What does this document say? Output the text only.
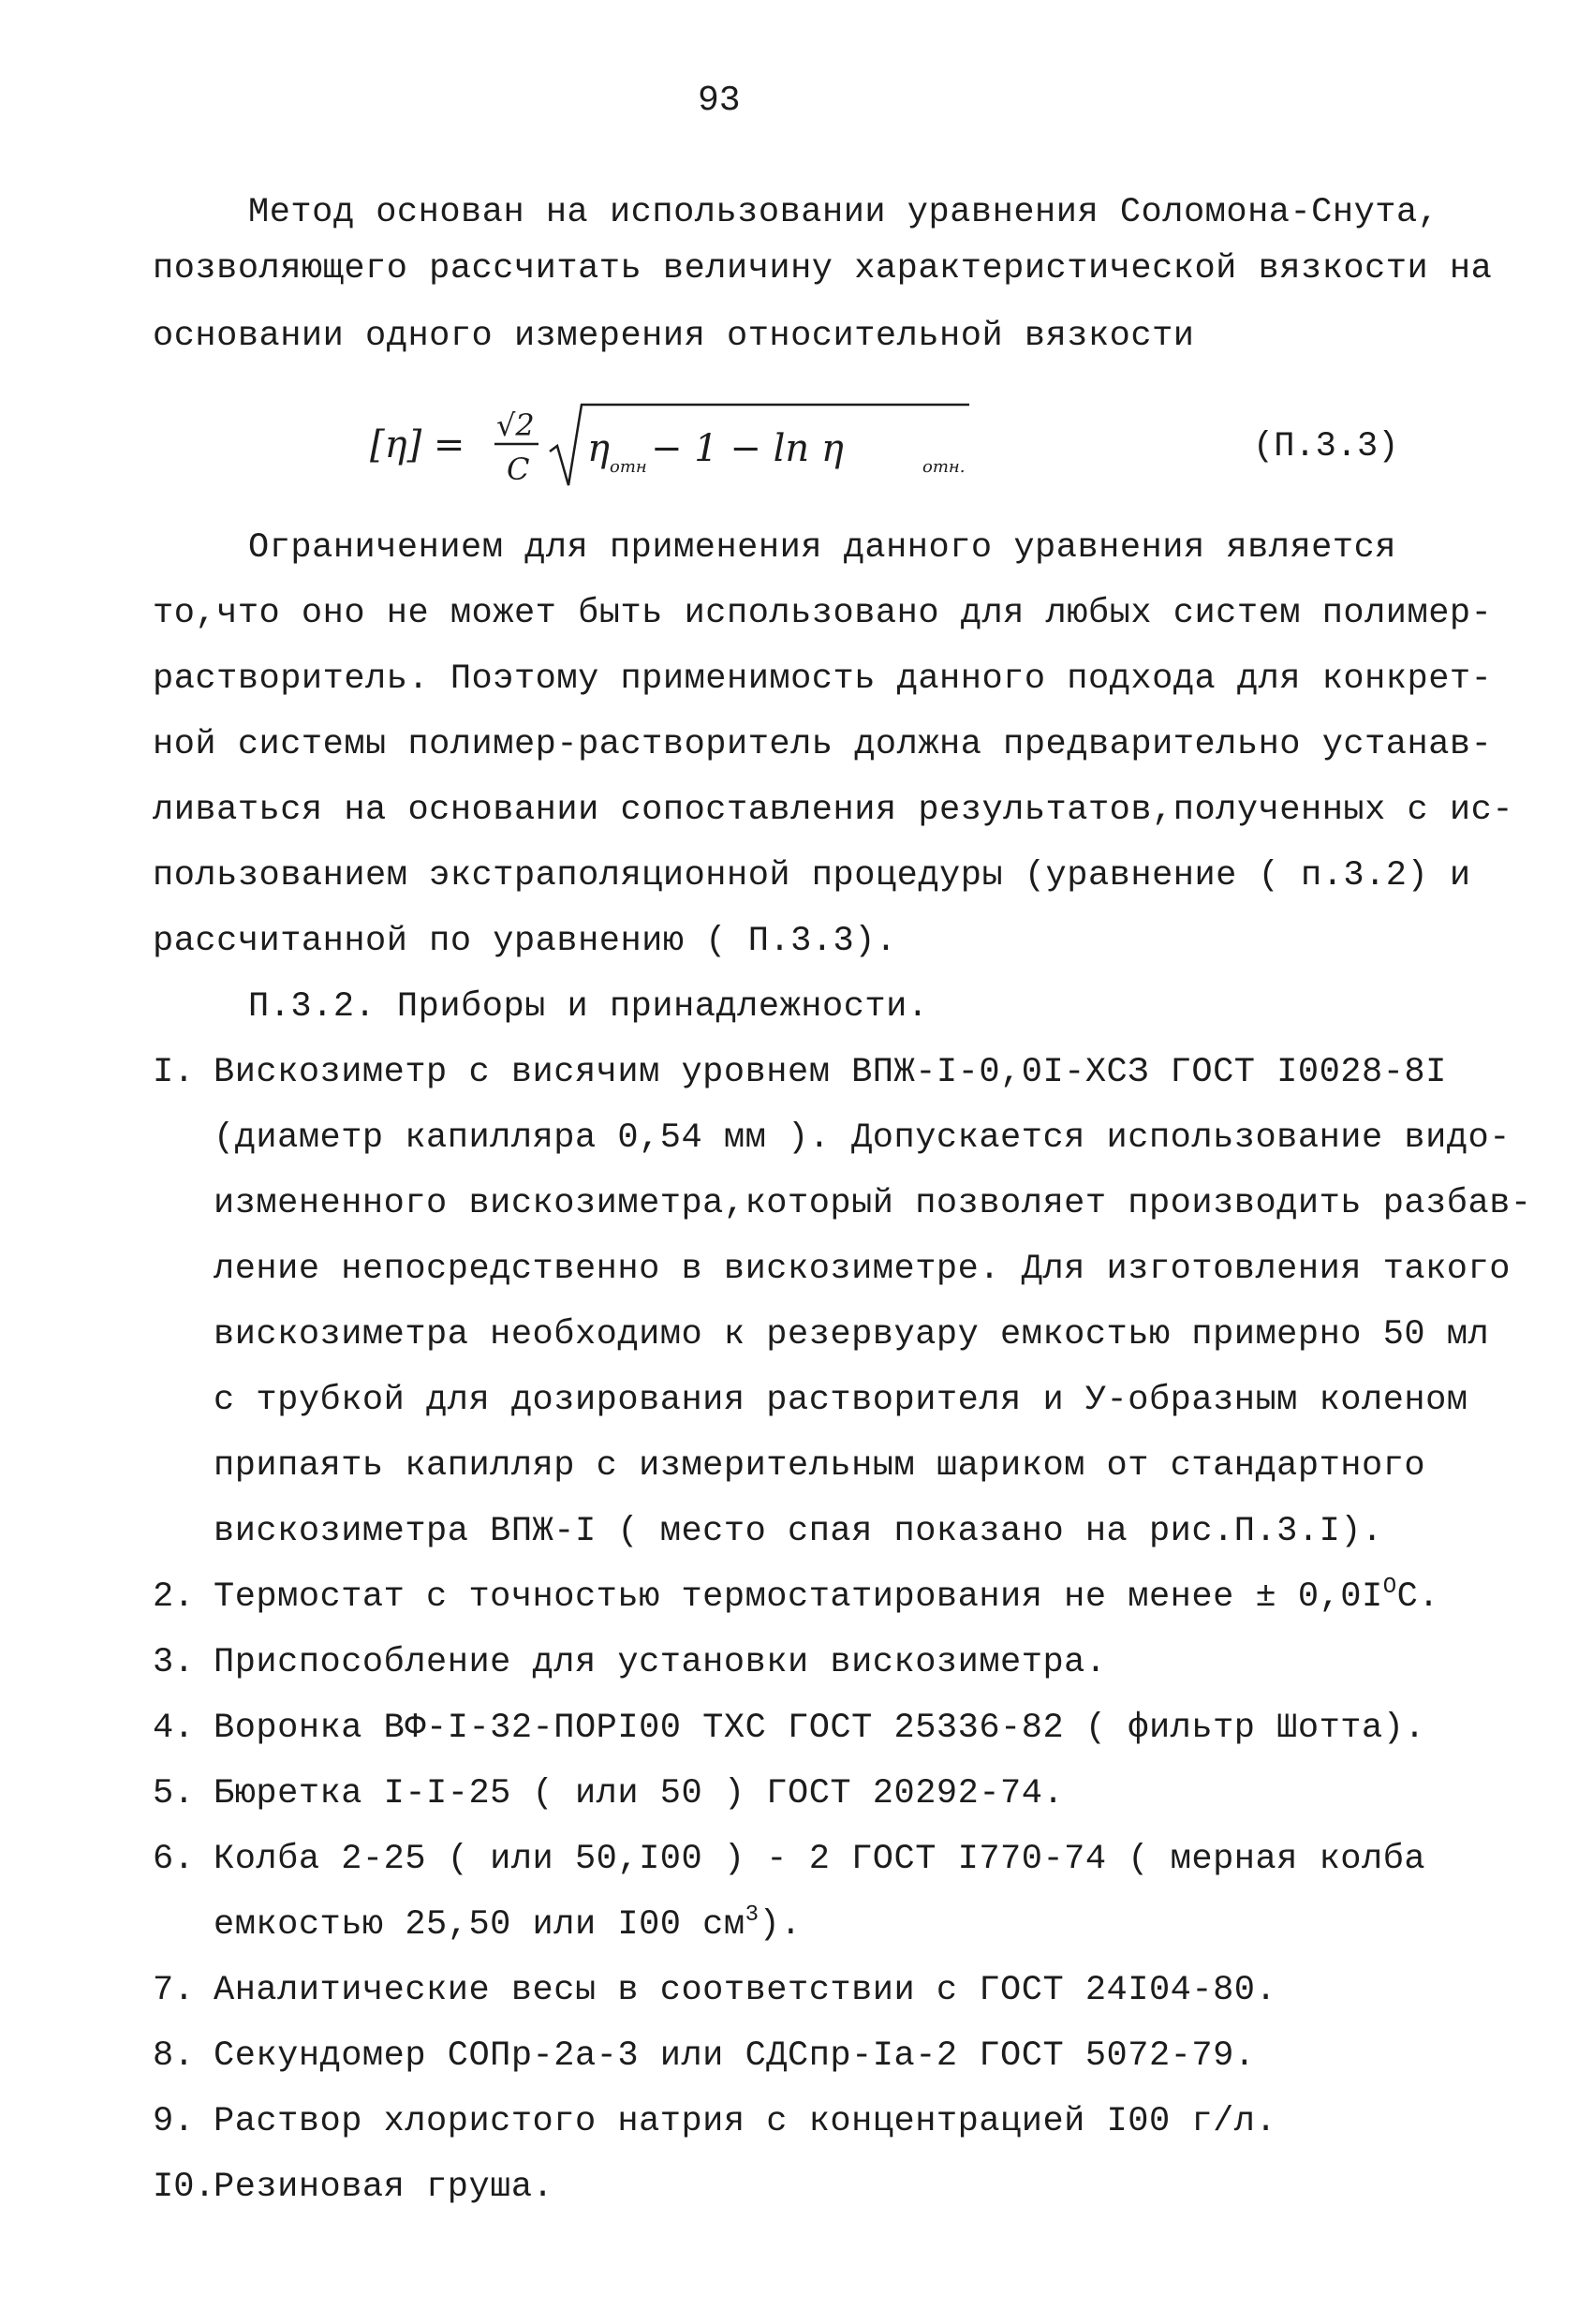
93
Метод основан на использовании уравнения Соломона-Снута,
позволяющего рассчитать величину характеристической вязкости на
основании одного измерения относительной вязкости
[η] = √2
C η отн − 1 − ln η	отн.
(П.3.3)
Ограничением для применения данного уравнения является
то,что оно не может быть использовано для любых систем полимер-
растворитель. Поэтому применимость данного подхода для конкрет-
ной системы полимер-растворитель должна предварительно устанав-
ливаться на основании сопоставления результатов,полученных с ис-
пользованием экстраполяционной процедуры (уравнение ( п.3.2) и
рассчитанной по уравнению ( П.3.3).
П.3.2. Приборы и принадлежности.
I. Вискозиметр с висячим уровнем ВПЖ-I-0,0I-ХСЗ ГОСТ I0028-8I
(диаметр капилляра 0,54 мм ). Допускается использование видо-
измененного вискозиметра,который позволяет производить разбав-
ление непосредственно в вискозиметре. Для изготовления такого
вискозиметра необходимо к резервуару емкостью примерно 50 мл
с трубкой для дозирования растворителя и У-образным коленом
припаять капилляр с измерительным шариком от стандартного
вискозиметра ВПЖ-I ( место спая показано на рис.П.3.I).
2. Термостат с точностью термостатирования не менее ± $0,0I^OC$.
3. Приспособление для установки вискозиметра.
4. Воронка ВФ-I-32-ПОРI00 ТХС ГОСТ 25336-82 ( фильтр Шотта).
5. Бюретка I-I-25 ( или 50 ) ГОСТ 20292-74.
6. Колба 2-25 ( или 50,I00 ) - 2 ГОСТ I770-74 ( мерная колба
емкостью 25,50 или I00 $см^3$).
7. Аналитические весы в соответствии с ГОСТ 24I04-80.
8. Секундомер СОПр-2а-3 или СДСпр-Iа-2 ГОСТ 5072-79.
9. Раствор хлористого натрия с концентрацией I00 г/л.
I0.
Резиновая груша.
